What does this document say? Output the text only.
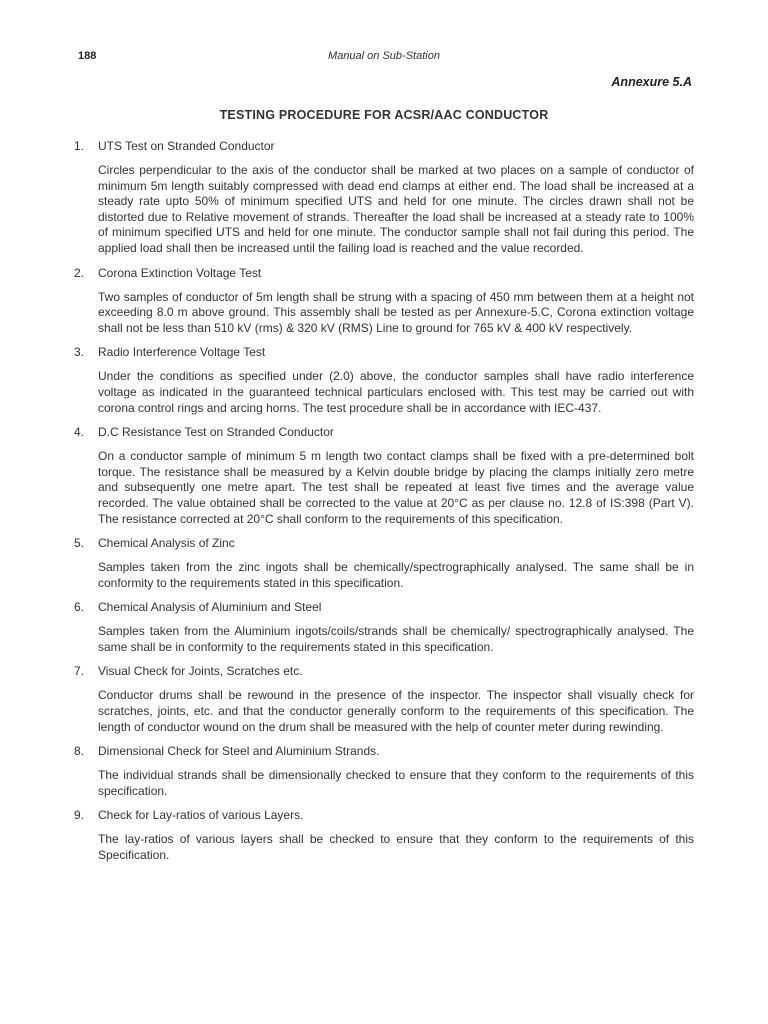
188	Manual on Sub-Station
Annexure 5.A
TESTING PROCEDURE FOR ACSR/AAC CONDUCTOR
1.	UTS Test on Stranded Conductor
Circles perpendicular to the axis of the conductor shall be marked at two places on a sample of conductor of minimum 5m length suitably compressed with dead end clamps at either end. The load shall be increased at a steady rate upto 50% of minimum specified UTS and held for one minute. The circles drawn shall not be distorted due to Relative movement of strands. Thereafter the load shall be increased at a steady rate to 100% of minimum specified UTS and held for one minute. The conductor sample shall not fail during this period. The applied load shall then be increased until the failing load is reached and the value recorded.
2.	Corona Extinction Voltage Test
Two samples of conductor of 5m length shall be strung with a spacing of 450 mm between them at a height not exceeding 8.0 m above ground. This assembly shall be tested as per Annexure-5.C, Corona extinction voltage shall not be less than 510 kV (rms) & 320 kV (RMS) Line to ground for 765 kV & 400 kV respectively.
3.	Radio Interference Voltage Test
Under the conditions as specified under (2.0) above, the conductor samples shall have radio interference voltage as indicated in the guaranteed technical particulars enclosed with. This test may be carried out with corona control rings and arcing horns. The test procedure shall be in accordance with IEC-437.
4.	D.C Resistance Test on Stranded Conductor
On a conductor sample of minimum 5 m length two contact clamps shall be fixed with a pre-determined bolt torque. The resistance shall be measured by a Kelvin double bridge by placing the clamps initially zero metre and subsequently one metre apart. The test shall be repeated at least five times and the average value recorded. The value obtained shall be corrected to the value at 20°C as per clause no. 12.8 of IS:398 (Part V). The resistance corrected at 20°C shall conform to the requirements of this specification.
5.	Chemical Analysis of Zinc
Samples taken from the zinc ingots shall be chemically/spectrographically analysed. The same shall be in conformity to the requirements stated in this specification.
6.	Chemical Analysis of Aluminium and Steel
Samples taken from the Aluminium ingots/coils/strands shall be chemically/ spectrographically analysed. The same shall be in conformity to the requirements stated in this specification.
7.	Visual Check for Joints, Scratches etc.
Conductor drums shall be rewound in the presence of the inspector. The inspector shall visually check for scratches, joints, etc. and that the conductor generally conform to the requirements of this specification. The length of conductor wound on the drum shall be measured with the help of counter meter during rewinding.
8.	Dimensional Check for Steel and Aluminium Strands.
The individual strands shall be dimensionally checked to ensure that they conform to the requirements of this specification.
9.	Check for Lay-ratios of various Layers.
The lay-ratios of various layers shall be checked to ensure that they conform to the requirements of this Specification.
